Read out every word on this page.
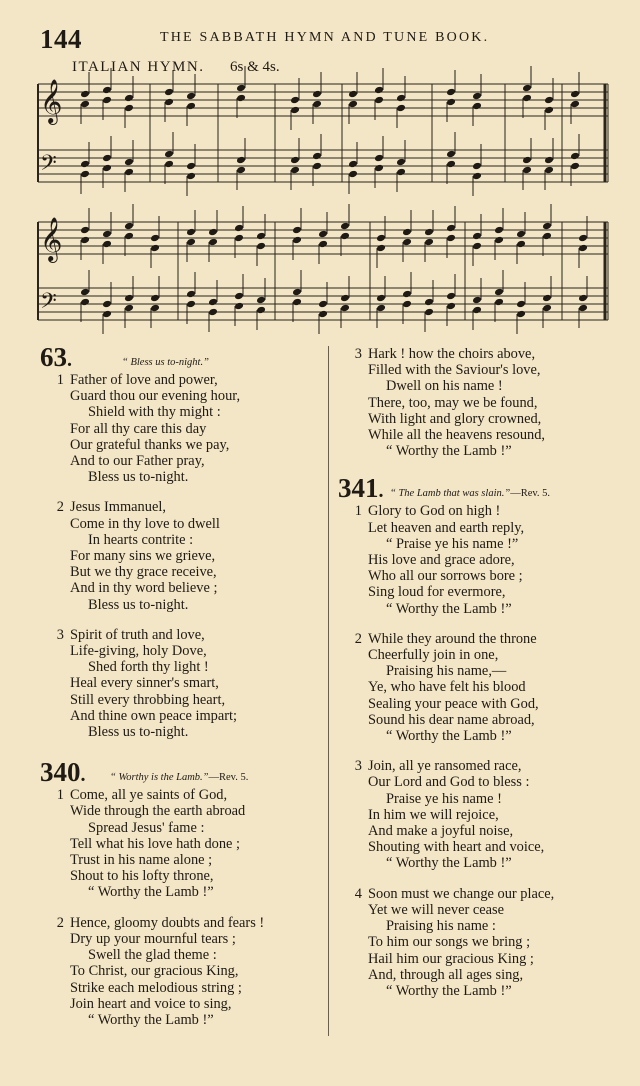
144	THE SABBATH HYMN AND TUNE BOOK.
ITALIAN HYMN. 6s & 4s.
𝄞
𝄢
𝄞
𝄢
63.	“ Bless us to-night.”
1 Father of love and power,
Guard thou our evening hour,
Shield with thy might :
For all thy care this day
Our grateful thanks we pay,
And to our Father pray,
Bless us to-night.
2 Jesus Immanuel,
Come in thy love to dwell
In hearts contrite :
For many sins we grieve,
But we thy grace receive,
And in thy word believe ;
Bless us to-night.
3 Spirit of truth and love,
Life-giving, holy Dove,
Shed forth thy light !
Heal every sinner's smart,
Still every throbbing heart,
And thine own peace impart;
Bless us to-night.
340. “ Worthy is the Lamb.”—Rev. 5.
1 Come, all ye saints of God,
Wide through the earth abroad
Spread Jesus' fame :
Tell what his love hath done ;
Trust in his name alone ;
Shout to his lofty throne,
“ Worthy the Lamb !”
2 Hence, gloomy doubts and fears !
Dry up your mournful tears ;
Swell the glad theme :
To Christ, our gracious King,
Strike each melodious string ;
Join heart and voice to sing,
“ Worthy the Lamb !”
3 Hark ! how the choirs above,
Filled with the Saviour's love,
Dwell on his name !
There, too, may we be found,
With light and glory crowned,
While all the heavens resound,
“ Worthy the Lamb !”
341. “ The Lamb that was slain.”—Rev. 5.
1 Glory to God on high !
Let heaven and earth reply,
“ Praise ye his name !”
His love and grace adore,
Who all our sorrows bore ;
Sing loud for evermore,
“ Worthy the Lamb !”
2 While they around the throne
Cheerfully join in one,
Praising his name,—
Ye, who have felt his blood
Sealing your peace with God,
Sound his dear name abroad,
“ Worthy the Lamb !”
3 Join, all ye ransomed race,
Our Lord and God to bless :
Praise ye his name !
In him we will rejoice,
And make a joyful noise,
Shouting with heart and voice,
“ Worthy the Lamb !”
4 Soon must we change our place,
Yet we will never cease
Praising his name :
To him our songs we bring ;
Hail him our gracious King ;
And, through all ages sing,
“ Worthy the Lamb !”
